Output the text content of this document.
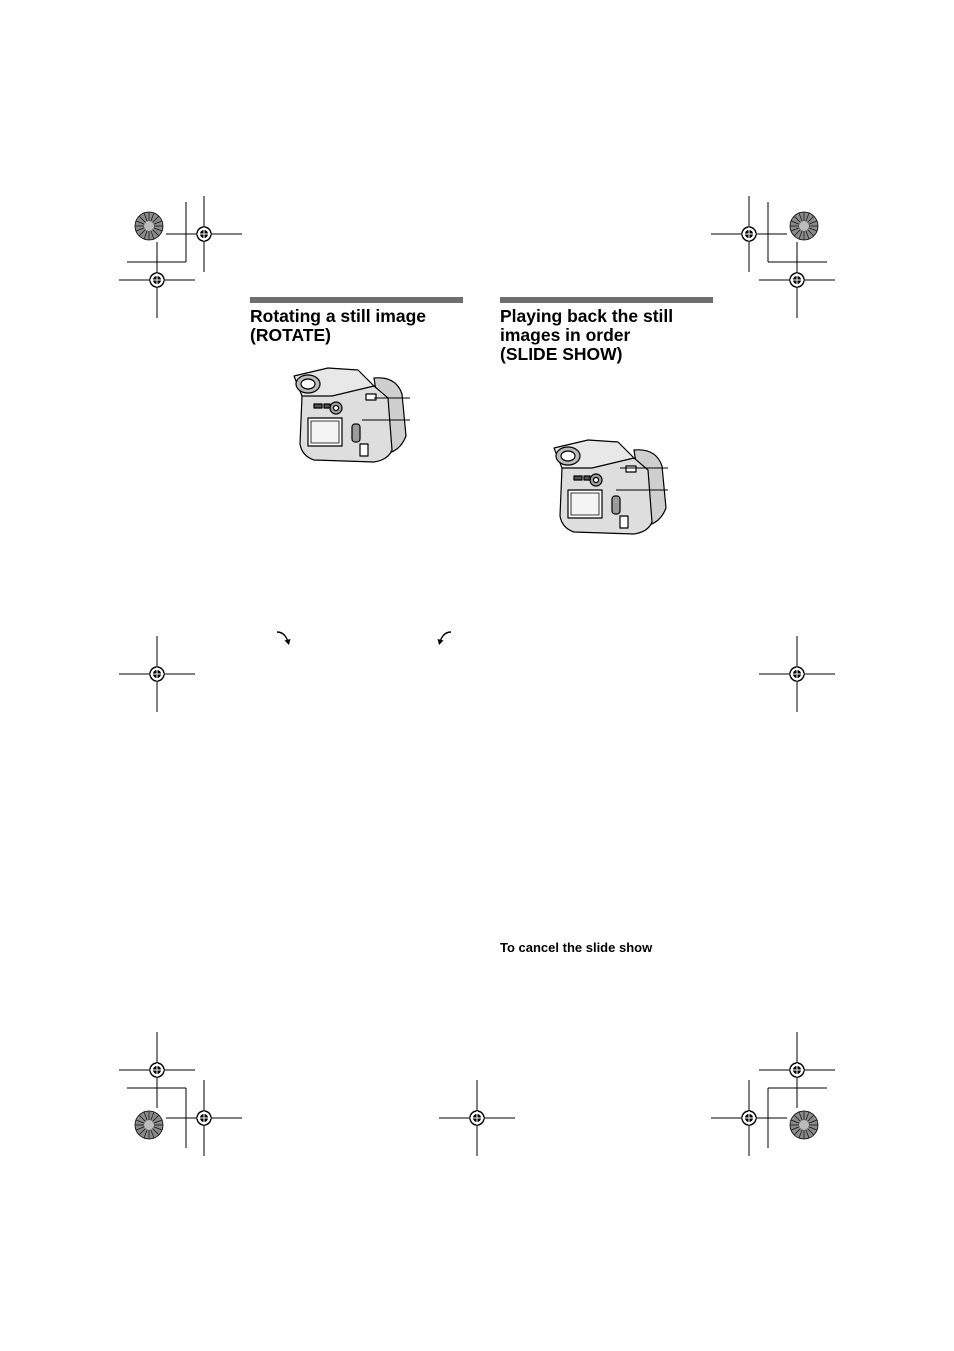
Rotating a still image
(ROTATE)
Playing back the still
images in order
(SLIDE SHOW)
To cancel the slide show
